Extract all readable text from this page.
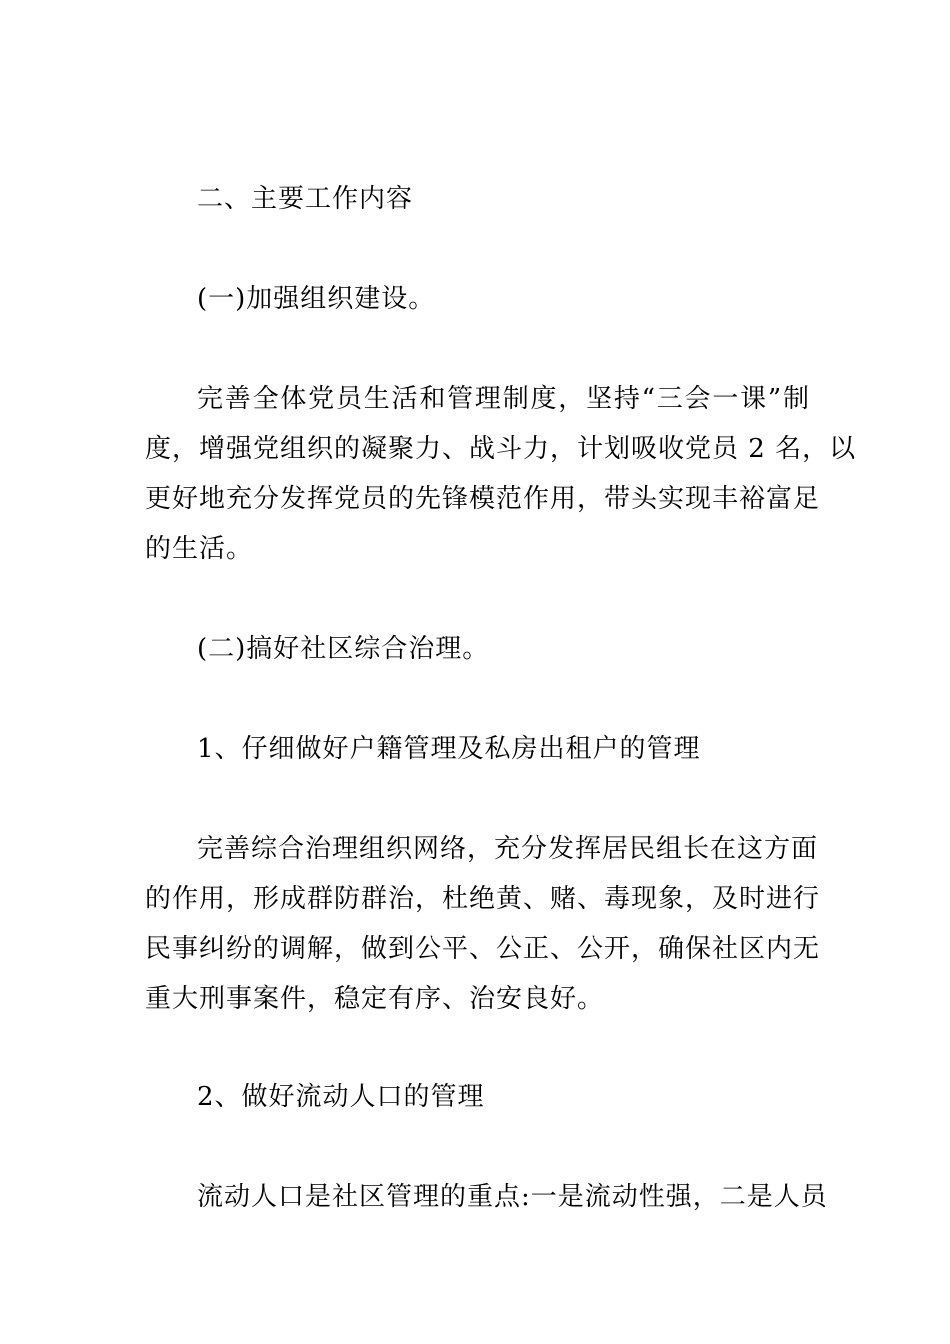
二、主要工作内容
(一)加强组织建设。
完善全体党员生活和管理制度，坚持“三会一课”制
度，增强党组织的凝聚力、战斗力，计划吸收党员 2 名，以
更好地充分发挥党员的先锋模范作用，带头实现丰裕富足
的生活。
(二)搞好社区综合治理。
1、仔细做好户籍管理及私房出租户的管理
完善综合治理组织网络，充分发挥居民组长在这方面
的作用，形成群防群治，杜绝黄、赌、毒现象，及时进行
民事纠纷的调解，做到公平、公正、公开，确保社区内无
重大刑事案件，稳定有序、治安良好。
2、做好流动人口的管理
流动人口是社区管理的重点:一是流动性强，二是人员
